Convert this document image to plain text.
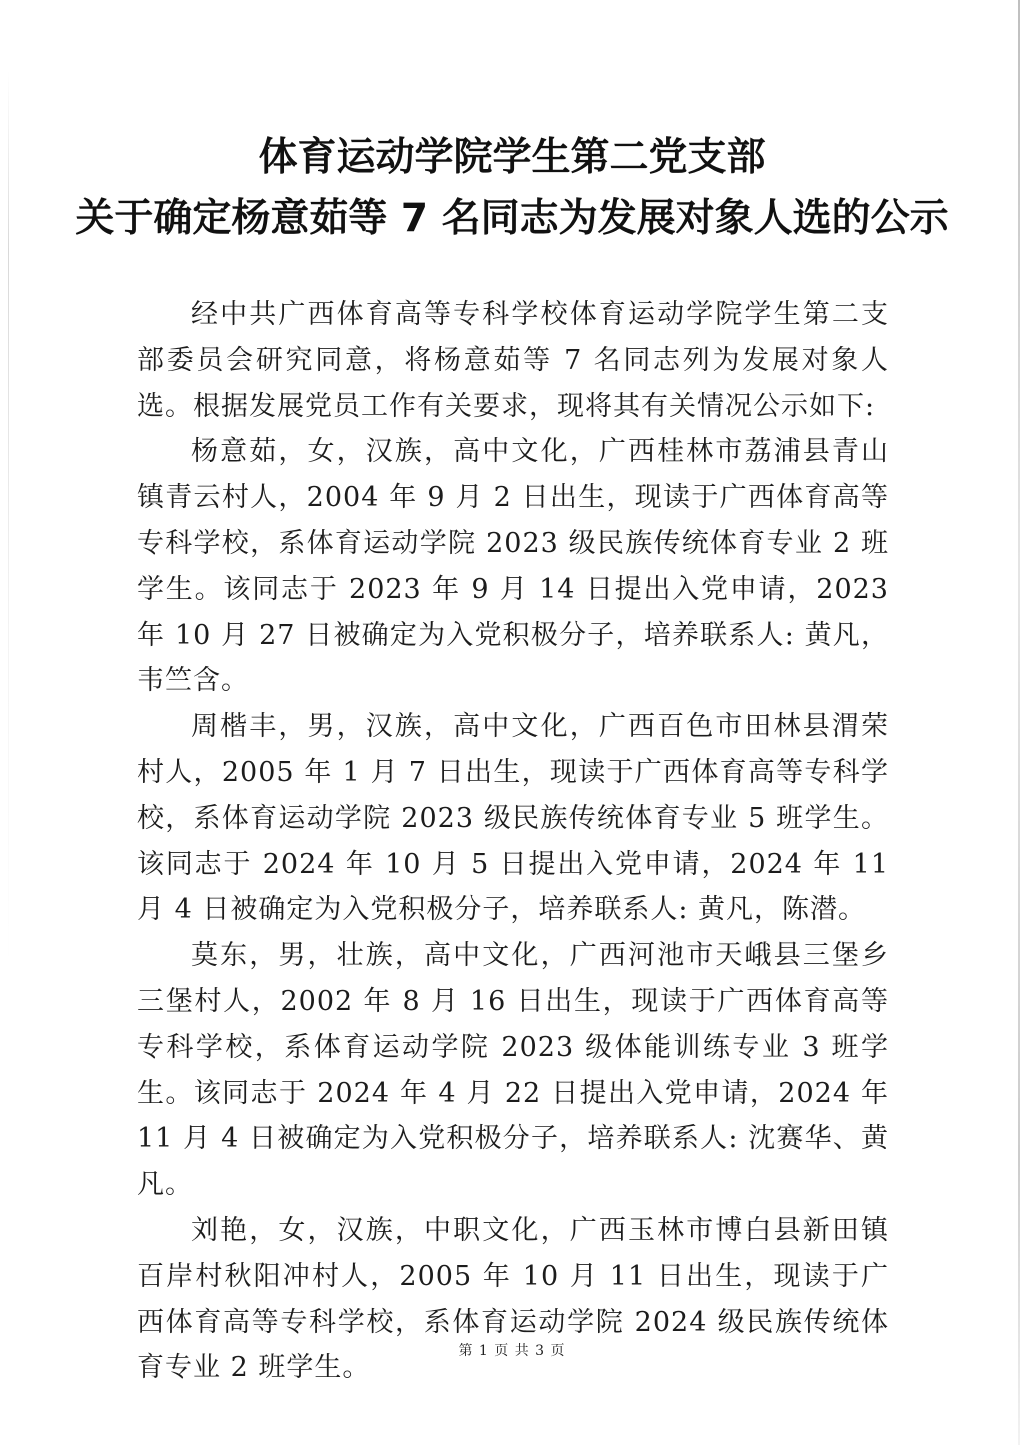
体育运动学院学生第二党支部
关于确定杨意茹等 7 名同志为发展对象人选的公示

经中共广西体育高等专科学校体育运动学院学生第二支部委员会研究同意，将杨意茹等 7 名同志列为发展对象人选。根据发展党员工作有关要求，现将其有关情况公示如下:

杨意茹，女，汉族，高中文化，广西桂林市荔浦县青山镇青云村人，2004 年 9 月 2 日出生，现读于广西体育高等专科学校，系体育运动学院 2023 级民族传统体育专业 2 班学生。该同志于 2023 年 9 月 14 日提出入党申请，2023 年 10 月 27 日被确定为入党积极分子，培养联系人: 黄凡，韦竺含。

周楷丰，男，汉族，高中文化，广西百色市田林县渭荣村人，2005 年 1 月 7 日出生，现读于广西体育高等专科学校，系体育运动学院 2023 级民族传统体育专业 5 班学生。该同志于 2024 年 10 月 5 日提出入党申请，2024 年 11 月 4 日被确定为入党积极分子，培养联系人: 黄凡，陈潜。

莫东，男，壮族，高中文化，广西河池市天峨县三堡乡三堡村人，2002 年 8 月 16 日出生，现读于广西体育高等专科学校，系体育运动学院 2023 级体能训练专业 3 班学生。该同志于 2024 年 4 月 22 日提出入党申请，2024 年 11 月 4 日被确定为入党积极分子，培养联系人: 沈赛华、黄凡。

刘艳，女，汉族，中职文化，广西玉林市博白县新田镇百岸村秋阳冲村人，2005 年 10 月 11 日出生，现读于广西体育高等专科学校，系体育运动学院 2024 级民族传统体育专业 2 班学生。

第 1 页 共 3 页
